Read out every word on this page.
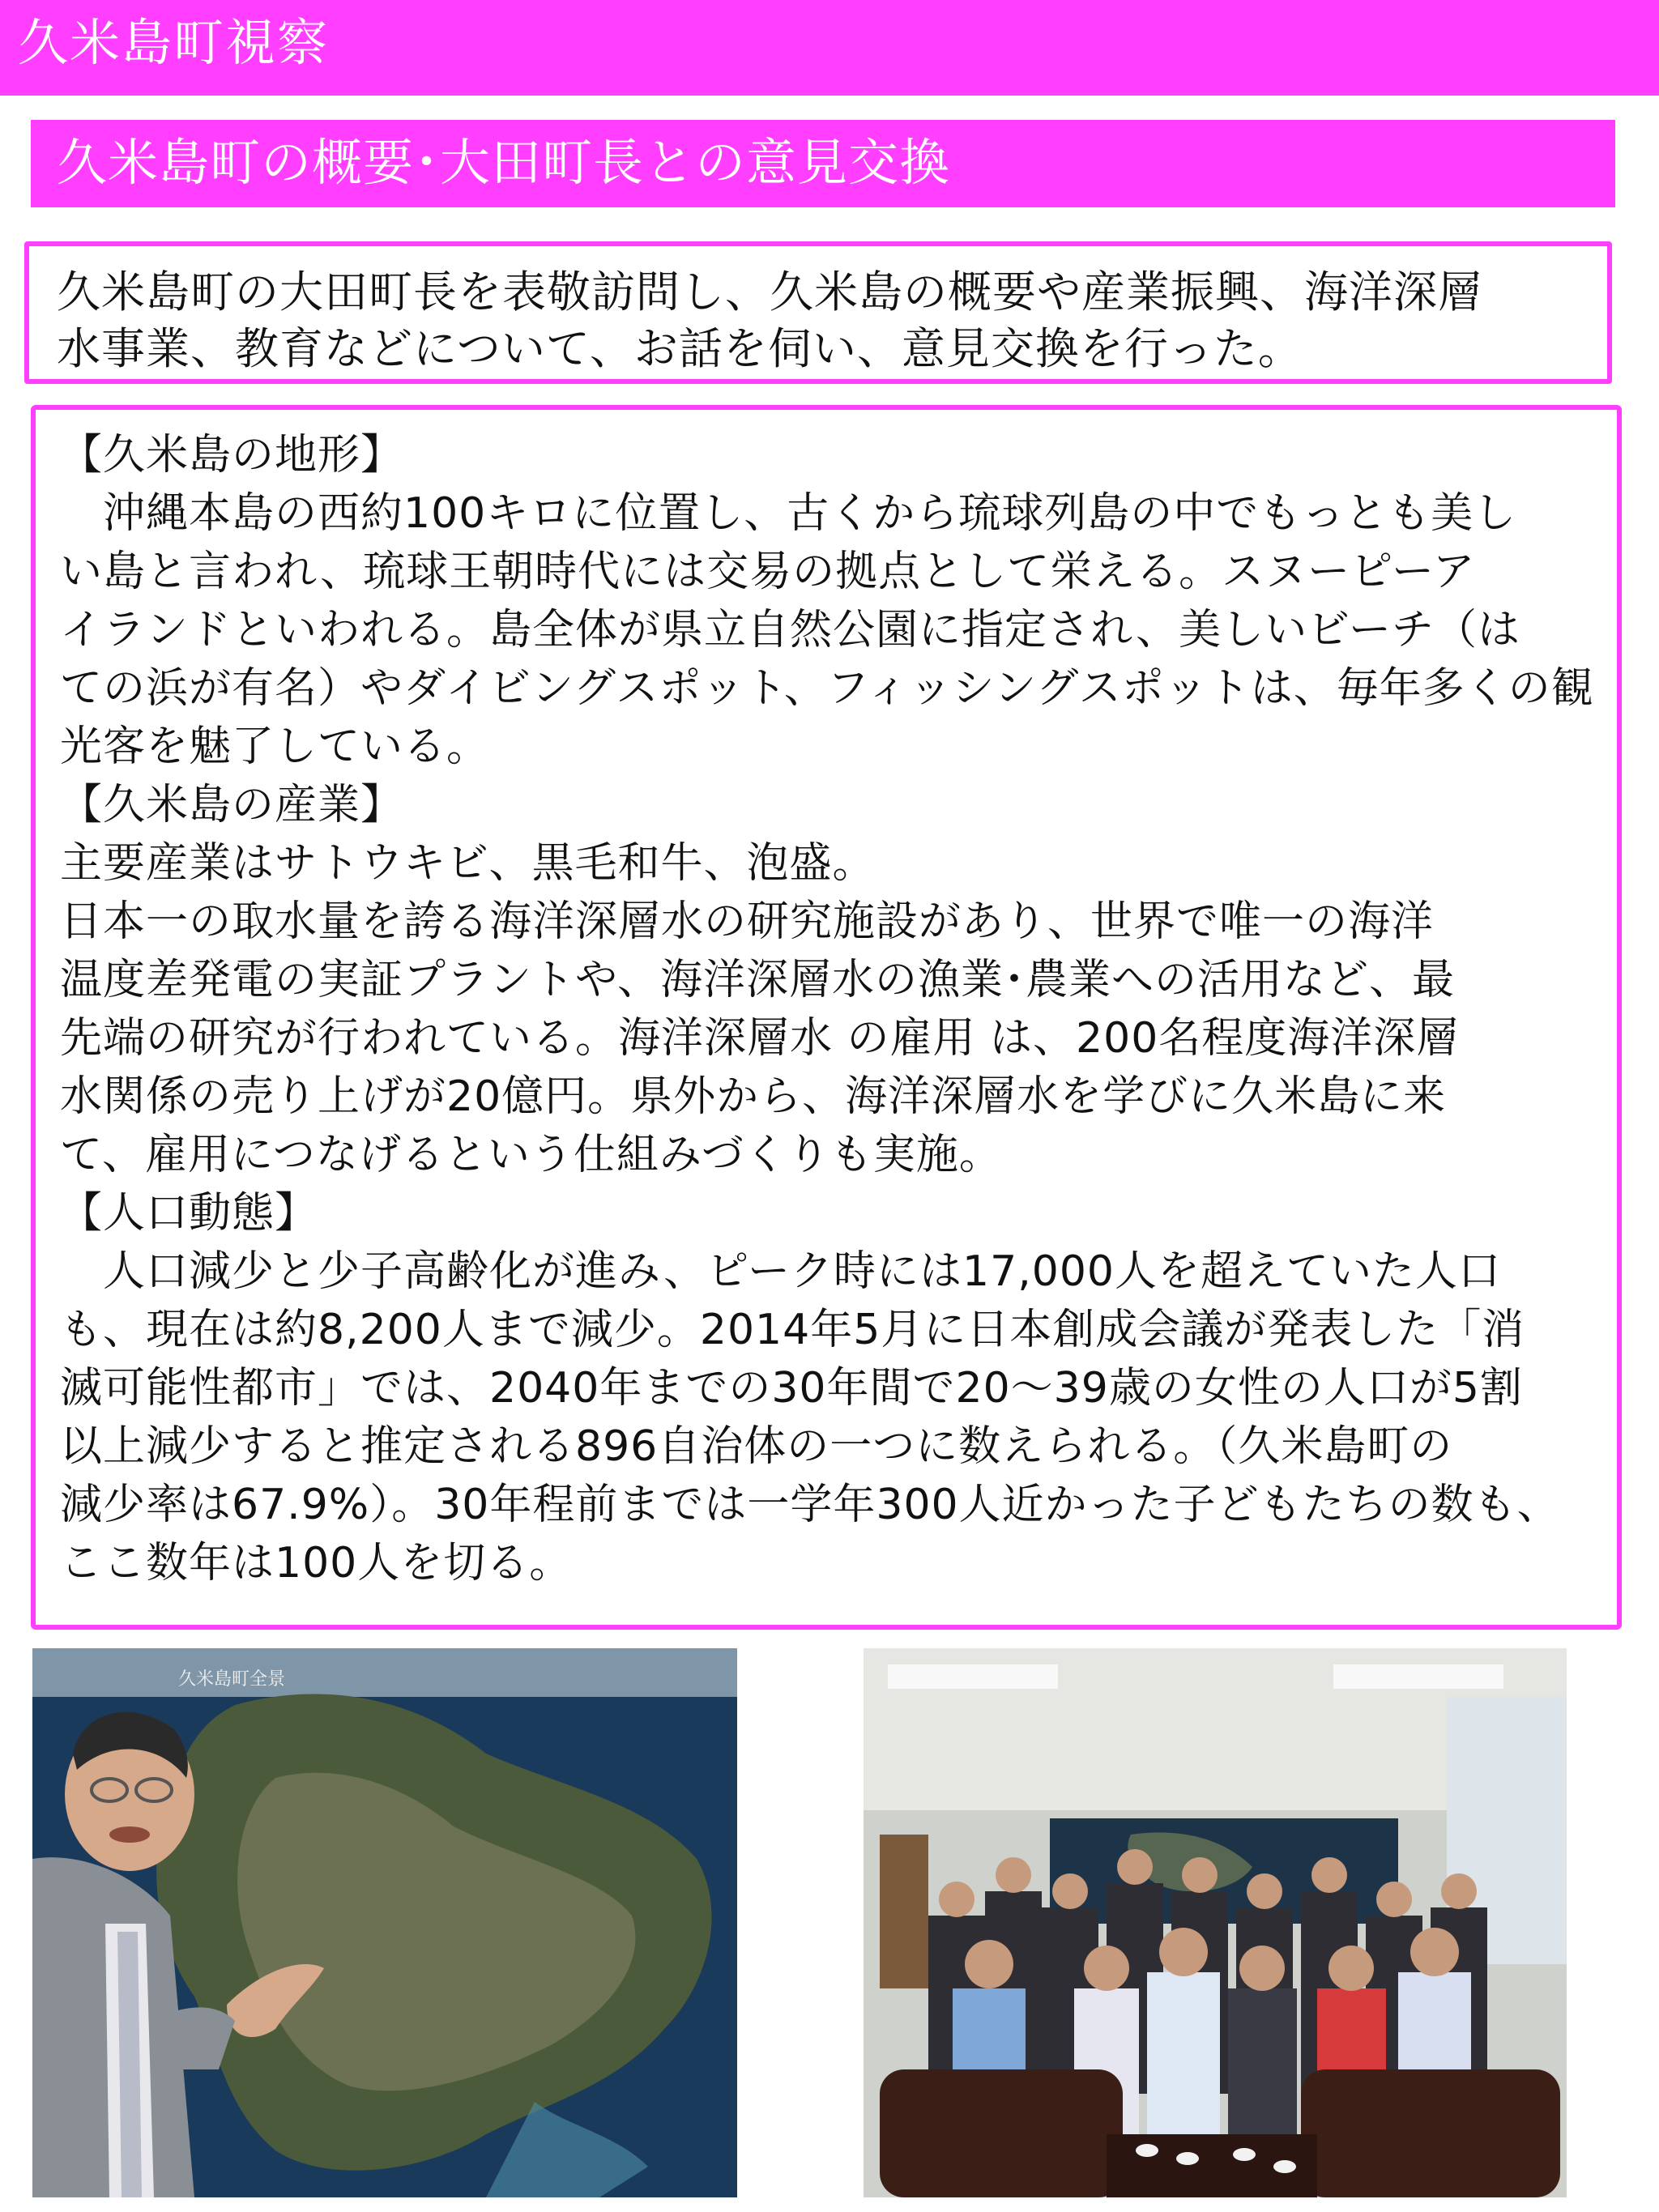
久米島町視察
久米島町の概要･大田町長との意見交換
久米島町の大田町長を表敬訪問し、久米島の概要や産業振興、海洋深層
水事業、教育などについて、お話を伺い、意見交換を行った。
【久米島の地形】
　沖縄本島の西約100キロに位置し、古くから琉球列島の中でもっとも美し
い島と言われ、琉球王朝時代には交易の拠点として栄える。スヌーピーア
イランドといわれる。島全体が県立自然公園に指定され、美しいビーチ（は
ての浜が有名）やダイビングスポット、フィッシングスポットは、毎年多くの観
光客を魅了している。
【久米島の産業】
主要産業はサトウキビ、黒毛和牛、泡盛。
日本一の取水量を誇る海洋深層水の研究施設があり、世界で唯一の海洋
温度差発電の実証プラントや、海洋深層水の漁業･農業への活用など、最
先端の研究が行われている。海洋深層水 の雇用 は、200名程度海洋深層
水関係の売り上げが20億円。県外から、海洋深層水を学びに久米島に来
て、雇用につなげるという仕組みづくりも実施。
【人口動態】
　人口減少と少子高齢化が進み、ピーク時には17,000人を超えていた人口
も、現在は約8,200人まで減少。2014年5月に日本創成会議が発表した「消
滅可能性都市」では、2040年までの30年間で20～39歳の女性の人口が5割
以上減少すると推定される896自治体の一つに数えられる。（久米島町の
減少率は67.9%）。30年程前までは一学年300人近かった子どもたちの数も、
ここ数年は100人を切る。
久米島町全景
